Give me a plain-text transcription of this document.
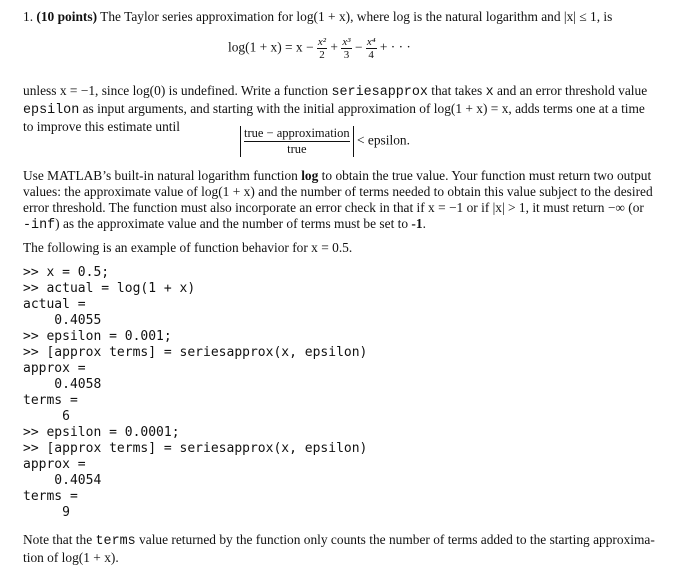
1. (10 points) The Taylor series approximation for log(1 + x), where log is the natural logarithm and |x| ≤ 1, is

$\log(1 + x) = x - \frac{\text{x²}}{2} + \frac{\text{x³}}{3} - \frac{\text{x⁴}}{4}$ + · · ·

unless x = −1, since log(0) is undefined. Write a function seriesapprox that takes x and an error threshold value epsilon as input arguments, and starting with the initial approximation of log(1 + x) = x, adds terms one at a time to improve this estimate until	$\frac{\text{true − approximation}}{\text{true}}$ < epsilon.

Use MATLAB’s built-in natural logarithm function log to obtain the true value. Your function must return two output values: the approximate value of log(1 + x) and the number of terms needed to obtain this value subject to the desired error threshold. The function must also incorporate an error check in that if x = −1 or if |x| > 1, it must return −∞ (or -inf) as the approximate value and the number of terms must be set to -1.

The following is an example of function behavior for x = 0.5.

>> x = 0.5;
>> actual = log(1 + x)
actual =
0.4055
>> epsilon = 0.001;
>> [approx terms] = seriesapprox(x, epsilon)
approx =
0.4058
terms =
6
>> epsilon = 0.0001;
>> [approx terms] = seriesapprox(x, epsilon)
approx =
0.4054
terms =
9

Note that the terms value returned by the function only counts the number of terms added to the starting approxima-tion of log(1 + x).
